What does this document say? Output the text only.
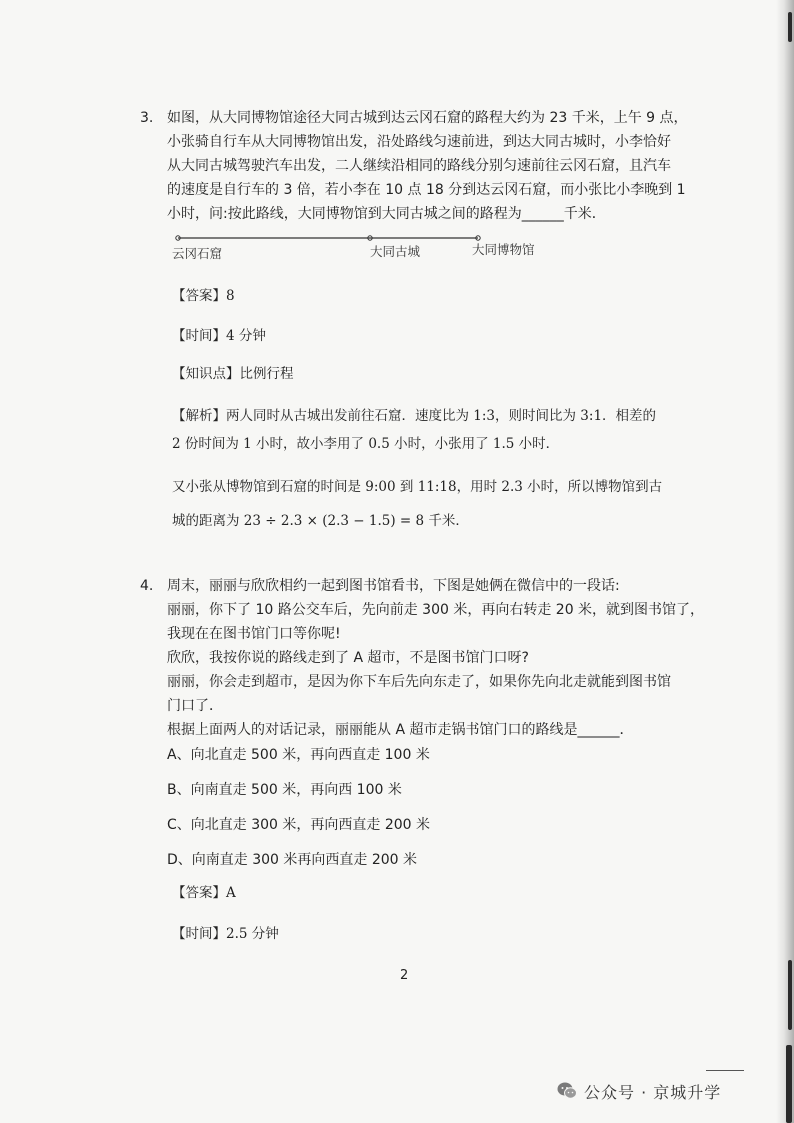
3. 如图，从大同博物馆途径大同古城到达云冈石窟的路程大约为 23 千米，上午 9 点，

小张骑自行车从大同博物馆出发，沿处路线匀速前进，到达大同古城时，小李恰好

从大同古城驾驶汽车出发，二人继续沿相同的路线分别匀速前往云冈石窟，且汽车

的速度是自行车的 3 倍，若小李在 10 点 18 分到达云冈石窟，而小张比小李晚到 1

小时，问:按此路线，大同博物馆到大同古城之间的路程为______千米．

云冈石窟	大同古城	大同博物馆
【答案】8
【时间】4 分钟
【知识点】比例行程
【解析】两人同时从古城出发前往石窟．速度比为 1:3，则时间比为 3:1．相差的
2 份时间为 1 小时，故小李用了 0.5 小时，小张用了 1.5 小时．
又小张从博物馆到石窟的时间是 9:00 到 11:18，用时 2.3 小时，所以博物馆到古
城的距离为 23 ÷ 2.3 × (2.3 − 1.5) = 8 千米．
4. 周末，丽丽与欣欣相约一起到图书馆看书，下图是她俩在微信中的一段话:

丽丽，你下了 10 路公交车后，先向前走 300 米，再向右转走 20 米，就到图书馆了，

我现在在图书馆门口等你呢!

欣欣，我按你说的路线走到了 A 超市，不是图书馆门口呀?

丽丽，你会走到超市，是因为你下车后先向东走了，如果你先向北走就能到图书馆

门口了．

根据上面两人的对话记录，丽丽能从 A 超市走锅书馆门口的路线是______．

A、向北直走 500 米，再向西直走 100 米
B、向南直走 500 米，再向西 100 米
C、向北直走 300 米，再向西直走 200 米
D、向南直走 300 米再向西直走 200 米
【答案】A
【时间】2.5 分钟
2
公众号 · 京城升学
